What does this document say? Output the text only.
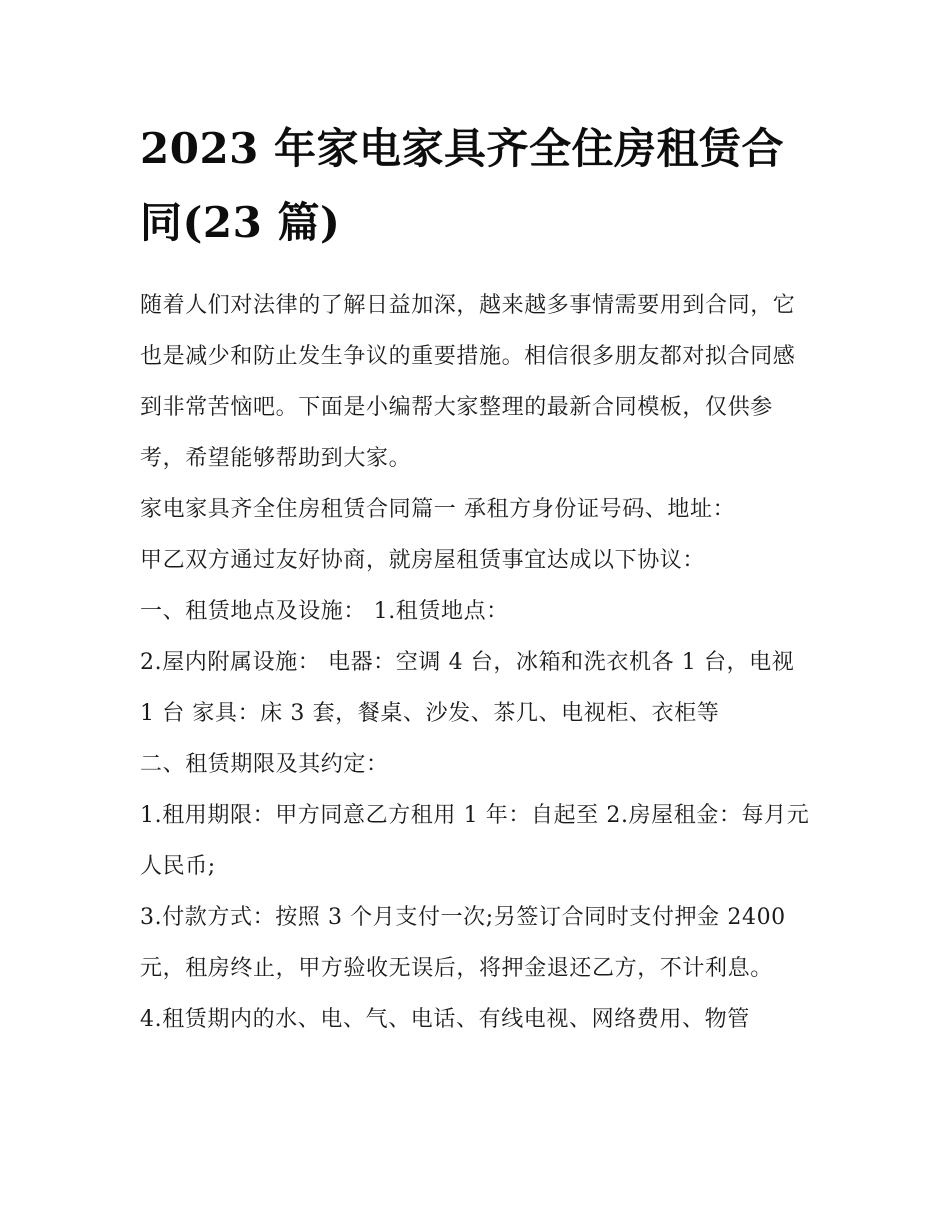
2023 年家电家具齐全住房租赁合同(23 篇)

随着人们对法律的了解日益加深，越来越多事情需要用到合同，它也是减少和防止发生争议的重要措施。相信很多朋友都对拟合同感到非常苦恼吧。下面是小编帮大家整理的最新合同模板，仅供参考，希望能够帮助到大家。

家电家具齐全住房租赁合同篇一 承租方身份证号码、地址：

甲乙双方通过友好协商，就房屋租赁事宜达成以下协议：

一、租赁地点及设施： 1.租赁地点：

2.屋内附属设施： 电器：空调 4 台，冰箱和洗衣机各 1 台，电视 1 台 家具：床 3 套，餐桌、沙发、茶几、电视柜、衣柜等

二、租赁期限及其约定：

1.租用期限：甲方同意乙方租用 1 年：自起至 2.房屋租金：每月元人民币;

3.付款方式：按照 3 个月支付一次;另签订合同时支付押金 2400 元，租房终止，甲方验收无误后，将押金退还乙方，不计利息。

4.租赁期内的水、电、气、电话、有线电视、网络费用、物管
